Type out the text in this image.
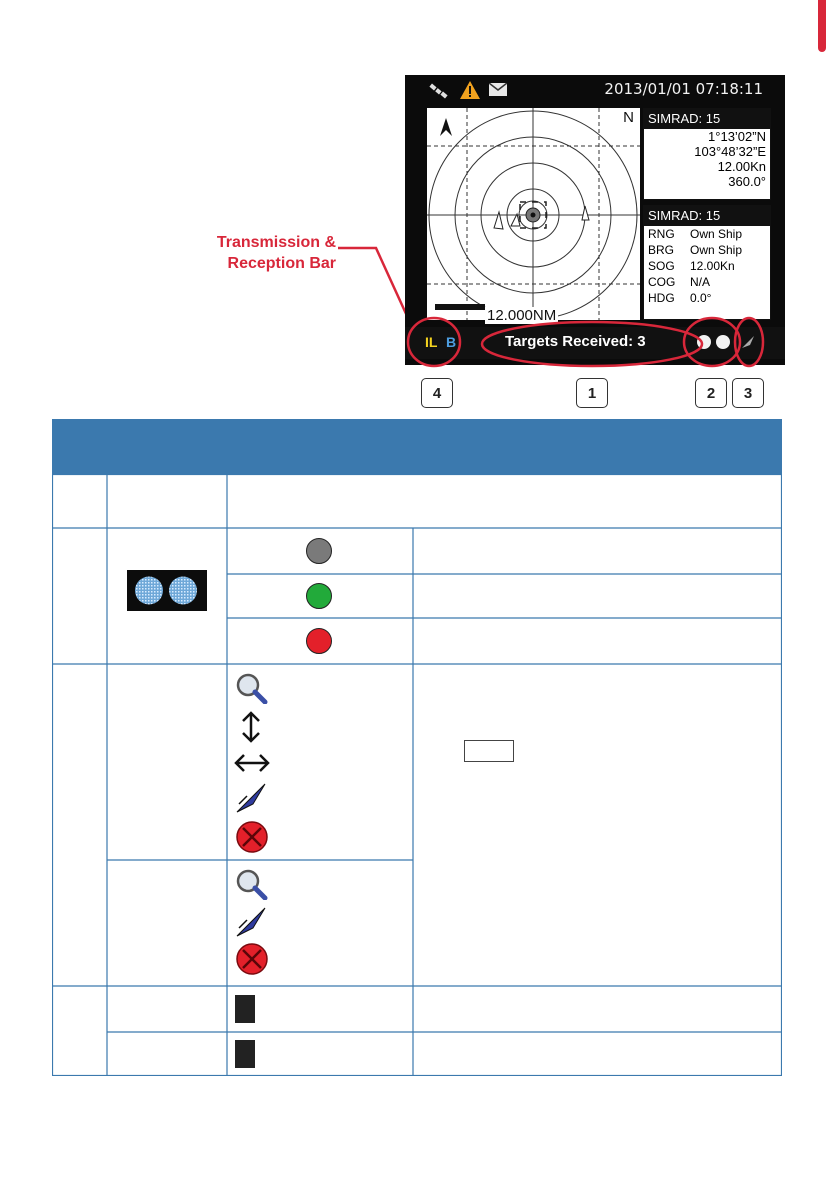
Transmission &
Reception Bar
2013/01/01 07:18:11
N
12.000NM
SIMRAD: 15
1°13’02”N
103°48’32”E
12.00Kn
360.0°
SIMRAD: 15
RNG	Own Ship
BRG	Own Ship
SOG	12.00Kn
COG	N/A
HDG	0.0°
IL B	Targets Received: 3
4	1	2	3
